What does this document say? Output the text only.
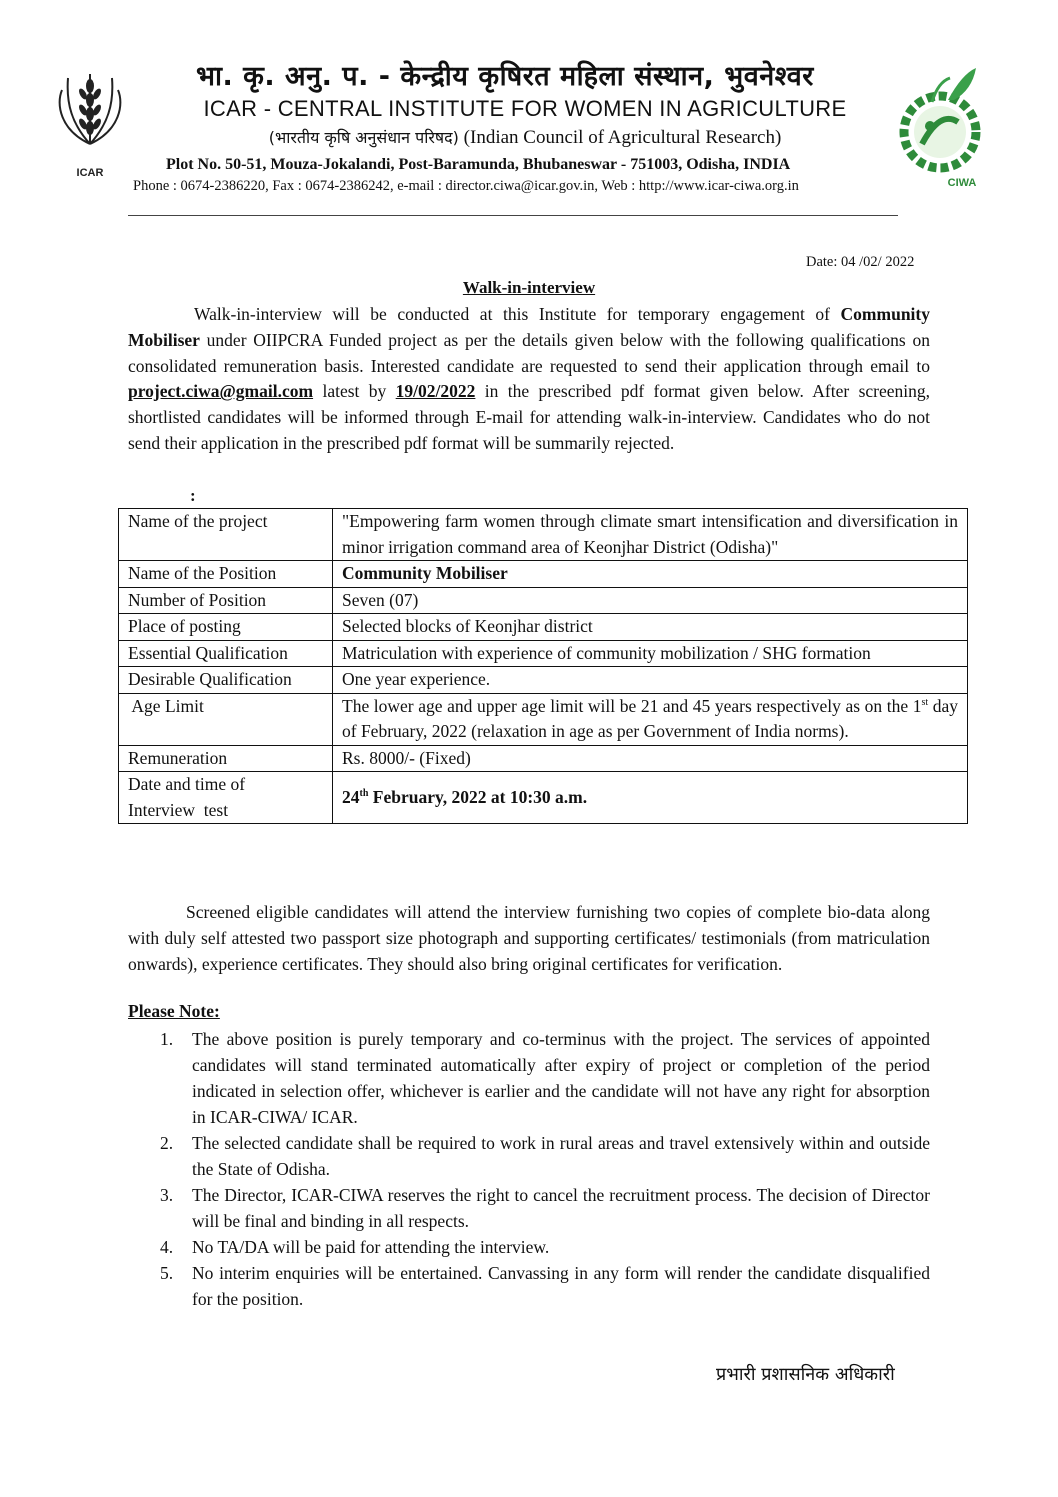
ICAR
CIWA
भा. कृ. अनु. प. - केन्द्रीय कृषिरत महिला संस्थान, भुवनेश्वर
ICAR - CENTRAL INSTITUTE FOR WOMEN IN AGRICULTURE
(भारतीय कृषि अनुसंधान परिषद) (Indian Council of Agricultural Research)
Plot No. 50-51, Mouza-Jokalandi, Post-Baramunda, Bhubaneswar - 751003, Odisha, INDIA
Phone : 0674-2386220, Fax : 0674-2386242, e-mail : director.ciwa@icar.gov.in, Web : http://www.icar-ciwa.org.in
Date: 04 /02/ 2022
Walk-in-interview
Walk-in-interview will be conducted at this Institute for temporary engagement of Community Mobiliser under OIIPCRA Funded project as per the details given below with the following qualifications on consolidated remuneration basis. Interested candidate are requested to send their application through email to project.ciwa@gmail.com latest by 19/02/2022 in the prescribed pdf format given below. After screening, shortlisted candidates will be informed through E-mail for attending walk-in-interview. Candidates who do not send their application in the prescribed pdf format will be summarily rejected.
:
Name of the project	"Empowering farm women through climate smart intensification and diversification in minor irrigation command area of Keonjhar District (Odisha)"
Name of the Position	Community Mobiliser
Number of Position	Seven (07)
Place of posting	Selected blocks of Keonjhar district
Essential Qualification	Matriculation with experience of community mobilization / SHG formation
Desirable Qualification	One year experience.
Age Limit	The lower age and upper age limit will be 21 and 45 years respectively as on the 1st day of February, 2022 (relaxation in age as per Government of India norms).
Remuneration	Rs. 8000/- (Fixed)

Date and time of
Interview  test	24th February, 2022 at 10:30 a.m.
Screened eligible candidates will attend the interview furnishing two copies of complete bio-data along with duly self attested two passport size photograph and supporting certificates/ testimonials (from matriculation onwards), experience certificates. They should also bring original certificates for verification.
Please Note:
1. The above position is purely temporary and co-terminus with the project. The services of appointed candidates will stand terminated automatically after expiry of project or completion of the period indicated in selection offer, whichever is earlier and the candidate will not have any right for absorption in ICAR-CIWA/ ICAR.
2. The selected candidate shall be required to work in rural areas and travel extensively within and outside the State of Odisha.
3. The Director, ICAR-CIWA reserves the right to cancel the recruitment process. The decision of Director will be final and binding in all respects.
4. No TA/DA will be paid for attending the interview.
5. No interim enquiries will be entertained. Canvassing in any form will render the candidate disqualified for the position.
प्रभारी प्रशासनिक अधिकारी
